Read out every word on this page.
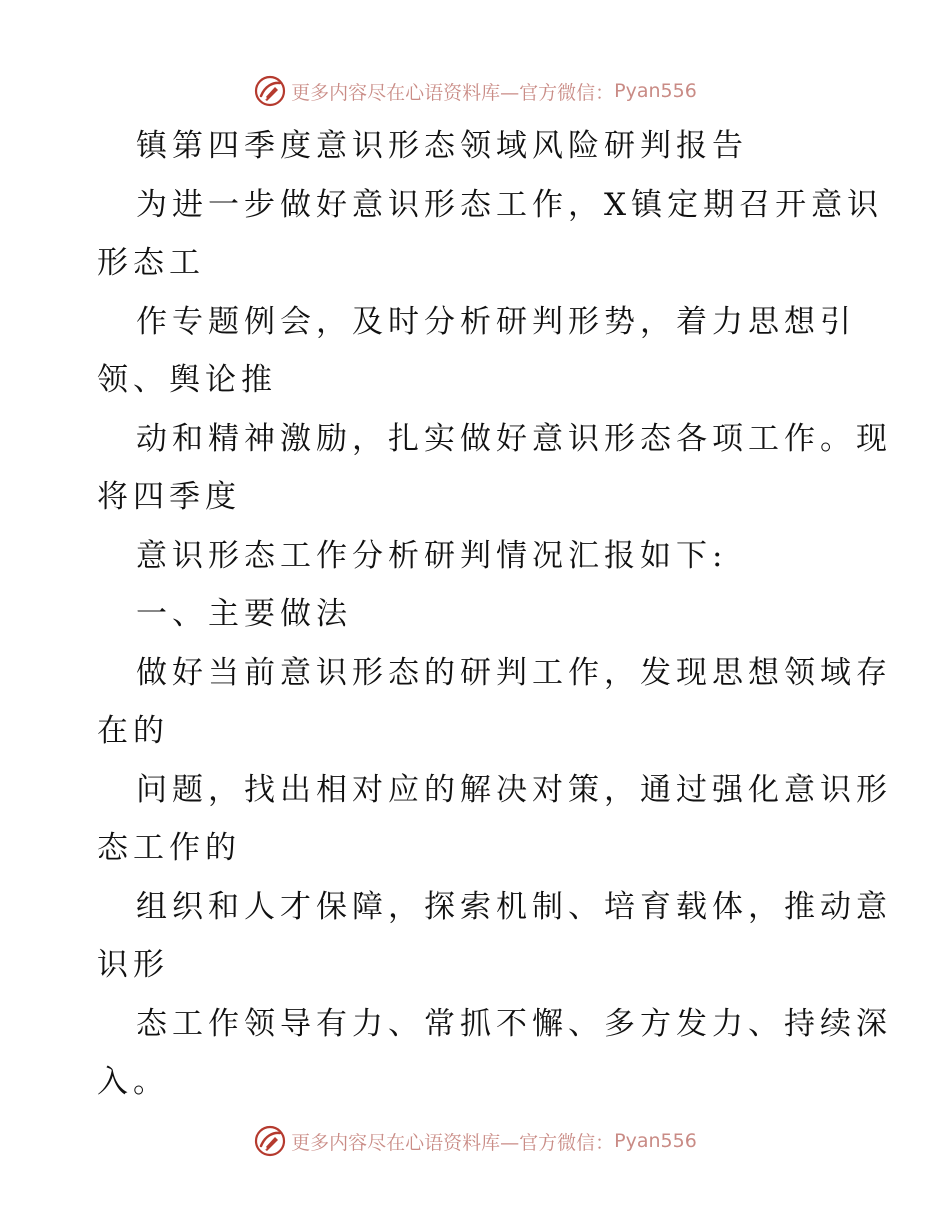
更多内容尽在心语资料库—官方微信： Pyan556
镇第四季度意识形态领域风险研判报告
为进一步做好意识形态工作，X镇定期召开意识
形态工
作专题例会，及时分析研判形势，着力思想引
领、舆论推
动和精神激励，扎实做好意识形态各项工作。现
将四季度
意识形态工作分析研判情况汇报如下:
一、主要做法
做好当前意识形态的研判工作，发现思想领域存
在的
问题，找出相对应的解决对策，通过强化意识形
态工作的
组织和人才保障，探索机制、培育载体，推动意
识形
态工作领导有力、常抓不懈、多方发力、持续深
入。
更多内容尽在心语资料库—官方微信： Pyan556
